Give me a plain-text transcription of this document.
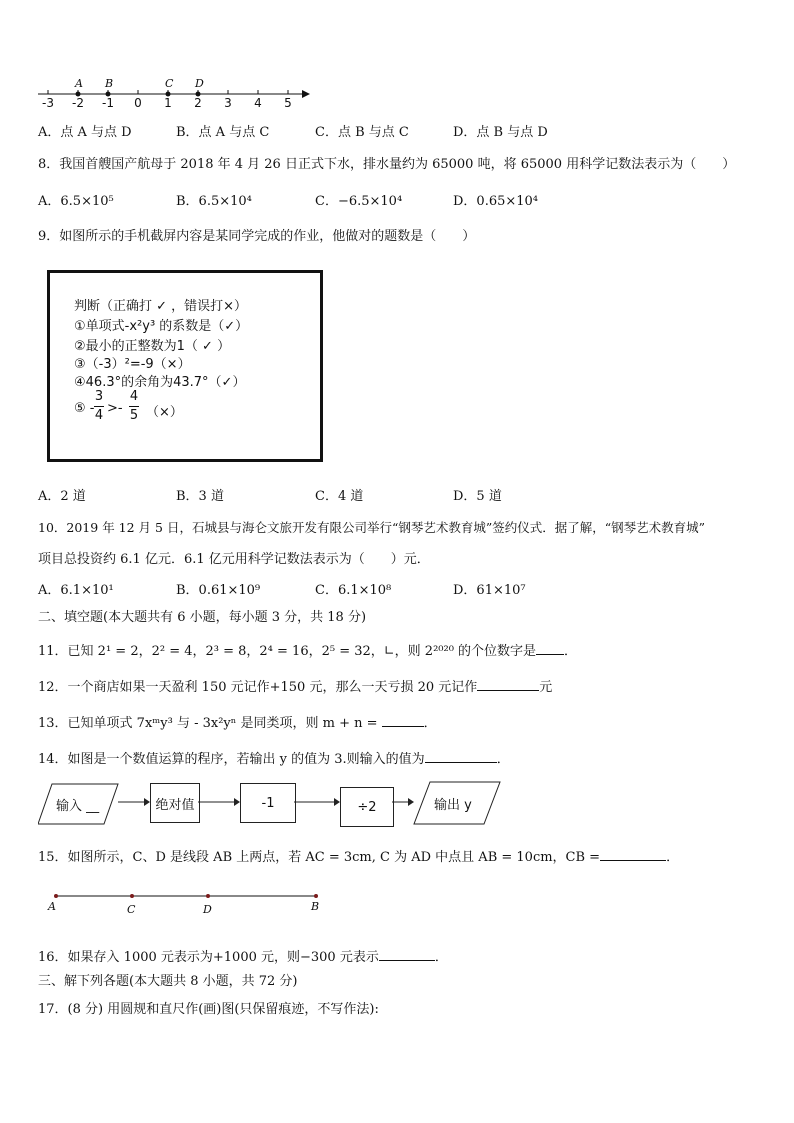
-3 -2 -1	0	1	2	3	4	5
A B	C D
A．点 A 与点 D	B．点 A 与点 C	C．点 B 与点 C	D．点 B 与点 D
8．我国首艘国产航母于 2018 年 4 月 26 日正式下水，排水量约为 65000 吨，将 65000 用科学记数法表示为（　　）
A．6.5×10⁵	B．6.5×10⁴	C．−6.5×10⁴	D．0.65×10⁴
9．如图所示的手机截屏内容是某同学完成的作业，他做对的题数是（　　）
判断（正确打 ✓ ，错误打×）
①单项式-x²y³ 的系数是（✓）
②最小的正整数为1（ ✓ ）
③（-3）²=-9（×）
④46.3°的余角为43.7°（✓）
⑤ -
3
4 >-
4
5 （×）
A．2 道	B．3 道	C．4 道	D．5 道
10．2019 年 12 月 5 日，石城县与海仑文旅开发有限公司举行“钢琴艺术教育城”签约仪式．据了解，“钢琴艺术教育城”
项目总投资约 6.1 亿元．6.1 亿元用科学记数法表示为（　　）元．
A．6.1×10¹	B．0.61×10⁹	C．6.1×10⁸	D．61×10⁷
二、填空题(本大题共有 6 小题，每小题 3 分，共 18 分)
11．已知 2¹ = 2，2² = 4，2³ = 8，2⁴ = 16，2⁵ = 32，∟，则 2²⁰²⁰ 的个位数字是 ．
12．一个商店如果一天盈利 150 元记作+150 元，那么一天亏损 20 元记作	元
13．已知单项式 7xᵐy³ 与 - 3x²yⁿ 是同类项，则 m + n =	．
14．如图是一个数值运算的程序，若输出 y 的值为 3.则输入的值为	．
输入 __	绝对值	-1	÷2	输出 y
15．如图所示，C、D 是线段 AB 上两点，若 AC = 3cm, C 为 AD 中点且 AB = 10cm，CB =	．
A	C	D	B
16．如果存入 1000 元表示为+1000 元，则−300 元表示	．
三、解下列各题(本大题共 8 小题，共 72 分)
17．(8 分) 用圆规和直尺作(画)图(只保留痕迹，不写作法):
